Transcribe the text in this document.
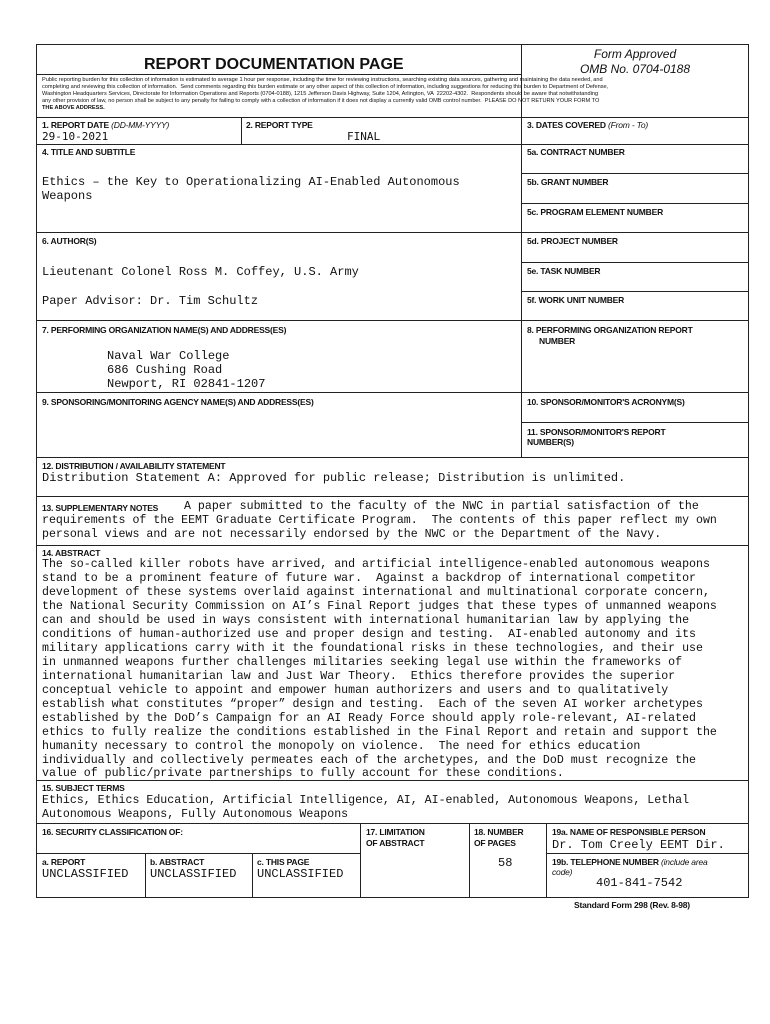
REPORT DOCUMENTATION PAGE
Form Approved
OMB No. 0704-0188
Public reporting burden for this collection of information is estimated to average 1 hour per response, including the time for reviewing instructions, searching existing data sources, gathering and maintaining the data needed, and
completing and reviewing this collection of information.  Send comments regarding this burden estimate or any other aspect of this collection of information, including suggestions for reducing this burden to Department of Defense,
Washington Headquarters Services, Directorate for Information Operations and Reports (0704-0188), 1215 Jefferson Davis Highway, Suite 1204, Arlington, VA  22202-4302.  Respondents should be aware that notwithstanding
any other provision of law, no person shall be subject to any penalty for failing to comply with a collection of information if it does not display a currently valid OMB control number.  PLEASE DO NOT RETURN YOUR FORM TO
THE ABOVE ADDRESS.
1. REPORT DATE (DD-MM-YYYY)
29-10-2021
2. REPORT TYPE
FINAL
3. DATES COVERED (From - To)
4. TITLE AND SUBTITLE
Ethics – the Key to Operationalizing AI-Enabled Autonomous
Weapons
5a. CONTRACT NUMBER
5b. GRANT NUMBER
5c. PROGRAM ELEMENT NUMBER
5d. PROJECT NUMBER
5e. TASK NUMBER
5f. WORK UNIT NUMBER
8. PERFORMING ORGANIZATION REPORT
NUMBER
10. SPONSOR/MONITOR'S ACRONYM(S)
11. SPONSOR/MONITOR'S REPORT
NUMBER(S)
6. AUTHOR(S)
Lieutenant Colonel Ross M. Coffey, U.S. Army
Paper Advisor: Dr. Tim Schultz
7. PERFORMING ORGANIZATION NAME(S) AND ADDRESS(ES)
Naval War College
686 Cushing Road
Newport, RI 02841-1207
9. SPONSORING/MONITORING AGENCY NAME(S) AND ADDRESS(ES)
12. DISTRIBUTION / AVAILABILITY STATEMENT
Distribution Statement A: Approved for public release; Distribution is unlimited.
13. SUPPLEMENTARY NOTES A paper submitted to the faculty of the NWC in partial satisfaction of the
requirements of the EEMT Graduate Certificate Program.  The contents of this paper reflect my own
personal views and are not necessarily endorsed by the NWC or the Department of the Navy.
14. ABSTRACT
The so-called killer robots have arrived, and artificial intelligence-enabled autonomous weapons
stand to be a prominent feature of future war.  Against a backdrop of international competitor
development of these systems overlaid against international and multinational corporate concern,
the National Security Commission on AI’s Final Report judges that these types of unmanned weapons
can and should be used in ways consistent with international humanitarian law by applying the
conditions of human-authorized use and proper design and testing.  AI-enabled autonomy and its
military applications carry with it the foundational risks in these technologies, and their use
in unmanned weapons further challenges militaries seeking legal use within the frameworks of
international humanitarian law and Just War Theory.  Ethics therefore provides the superior
conceptual vehicle to appoint and empower human authorizers and users and to qualitatively
establish what constitutes “proper” design and testing.  Each of the seven AI worker archetypes
established by the DoD’s Campaign for an AI Ready Force should apply role-relevant, AI-related
ethics to fully realize the conditions established in the Final Report and retain and support the
humanity necessary to control the monopoly on violence.  The need for ethics education
individually and collectively permeates each of the archetypes, and the DoD must recognize the
value of public/private partnerships to fully account for these conditions.
15. SUBJECT TERMS
Ethics, Ethics Education, Artificial Intelligence, AI, AI-enabled, Autonomous Weapons, Lethal
Autonomous Weapons, Fully Autonomous Weapons
16. SECURITY CLASSIFICATION OF:	17. LIMITATION
OF ABSTRACT
18. NUMBER
OF PAGES
58
19a. NAME OF RESPONSIBLE PERSON
Dr. Tom Creely EEMT Dir.
a. REPORT
UNCLASSIFIED
b. ABSTRACT
UNCLASSIFIED
c. THIS PAGE
UNCLASSIFIED
19b. TELEPHONE NUMBER (include area
code)
401-841-7542
Standard Form 298 (Rev. 8-98)
